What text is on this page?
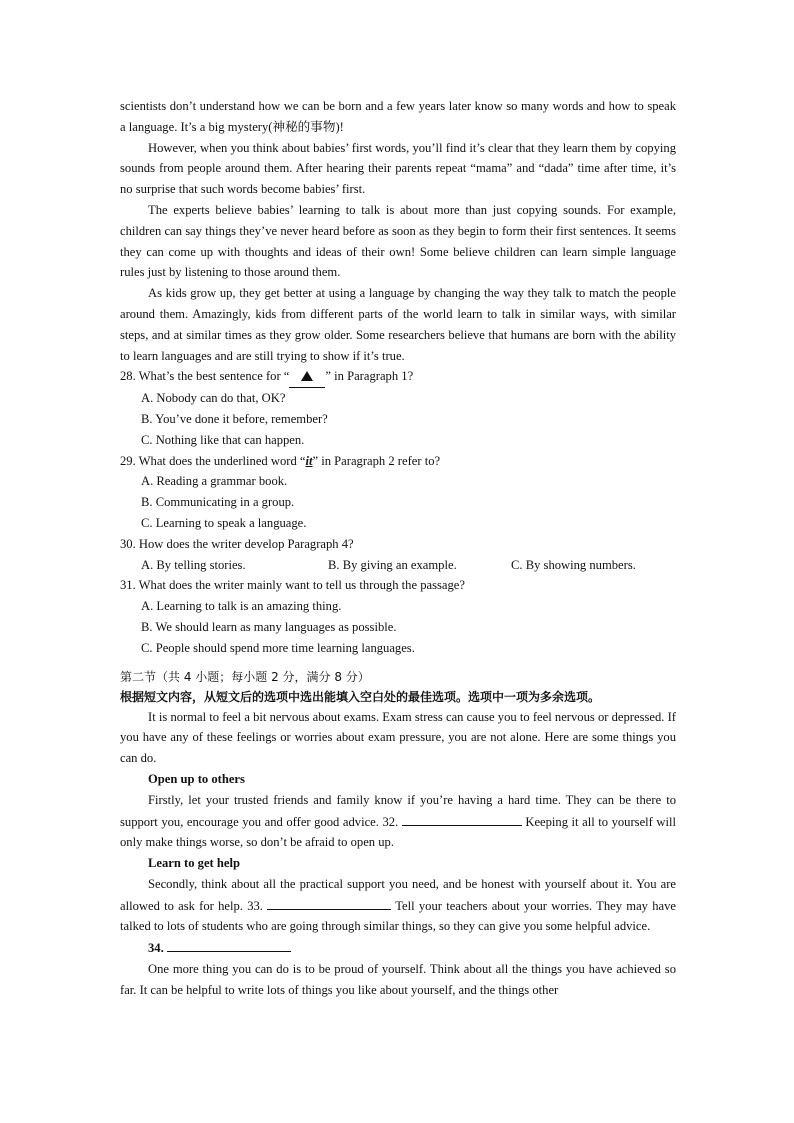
scientists don’t understand how we can be born and a few years later know so many words and how to speak a language. It’s a big mystery(神秘的事物)!

However, when you think about babies’ first words, you’ll find it’s clear that they learn them by copying sounds from people around them. After hearing their parents repeat “mama” and “dada” time after time, it’s no surprise that such words become babies’ first.

The experts believe babies’ learning to talk is about more than just copying sounds. For example, children can say things they’ve never heard before as soon as they begin to form their first sentences. It seems they can come up with thoughts and ideas of their own! Some believe children can learn simple language rules just by listening to those around them.

As kids grow up, they get better at using a language by changing the way they talk to match the people around them. Amazingly, kids from different parts of the world learn to talk in similar ways, with similar steps, and at similar times as they grow older. Some researchers believe that humans are born with the ability to learn languages and are still trying to show if it’s true.

28. What’s the best sentence for “	” in Paragraph 1?

A. Nobody can do that, OK?

B. You’ve done it before, remember?

C. Nothing like that can happen.

29. What does the underlined word “it” in Paragraph 2 refer to?

A. Reading a grammar book.

B. Communicating in a group.

C. Learning to speak a language.

30. How does the writer develop Paragraph 4?

A. By telling stories.	B. By giving an example.	C. By showing numbers.

31. What does the writer mainly want to tell us through the passage?

A. Learning to talk is an amazing thing.

B. We should learn as many languages as possible.

C. People should spend more time learning languages.

第二节（共 4 小题；每小题 2 分，满分 8 分）

根据短文内容，从短文后的选项中选出能填入空白处的最佳选项。选项中一项为多余选项。

It is normal to feel a bit nervous about exams. Exam stress can cause you to feel nervous or depressed. If you have any of these feelings or worries about exam pressure, you are not alone. Here are some things you can do.

Open up to others

Firstly, let your trusted friends and family know if you’re having a hard time. They can be there to support you, encourage you and offer good advice. 32.	Keeping it all to yourself will only make things worse, so don’t be afraid to open up.

Learn to get help

Secondly, think about all the practical support you need, and be honest with yourself about it. You are allowed to ask for help. 33.	Tell your teachers about your worries. They may have talked to lots of students who are going through similar things, so they can give you some helpful advice.

34.

One more thing you can do is to be proud of yourself. Think about all the things you have achieved so far. It can be helpful to write lots of things you like about yourself, and the things other
